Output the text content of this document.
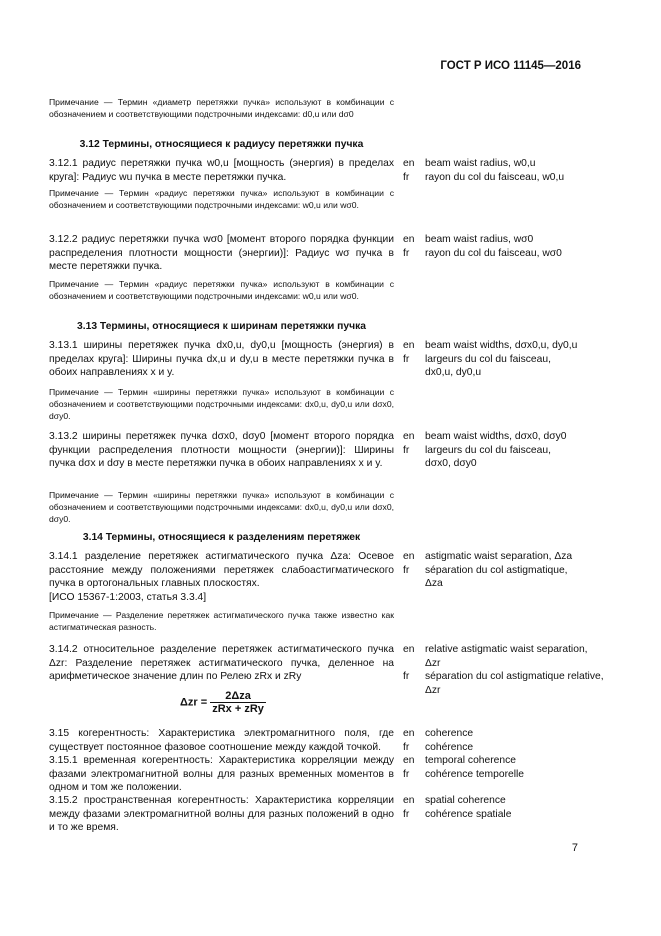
ГОСТ Р ИСО 11145—2016
Примечание — Термин «диаметр перетяжки пучка» используют в комбинации с обозначением и соответствующими подстрочными индексами: d0,u или dσ0
3.12 Термины, относящиеся к радиусу перетяжки пучка
3.12.1 радиус перетяжки пучка w0,u [мощность (энергия) в пределах круга]: Радиус wu пучка в месте перетяжки пучка.
en
fr
beam waist radius, w0,u
rayon du col du faisceau, w0,u
Примечание — Термин «радиус перетяжки пучка» используют в комбинации с обозначением и соответствующими подстрочными индексами: w0,u или wσ0.
3.12.2 радиус перетяжки пучка wσ0 [момент второго порядка функции распределения плотности мощности (энергии)]: Радиус wσ пучка в месте перетяжки пучка.
en
fr
beam waist radius, wσ0
rayon du col du faisceau, wσ0
Примечание — Термин «радиус перетяжки пучка» используют в комбинации с обозначением и соответствующими подстрочными индексами: w0,u или wσ0.
3.13 Термины, относящиеся к ширинам перетяжки пучка
3.13.1 ширины перетяжек пучка dx0,u, dy0,u [мощность (энергия) в пределах круга]: Ширины пучка dx,u и dy,u в месте перетяжки пучка в обоих направлениях x и y.
en
fr
beam waist widths, dσx0,u, dy0,u
largeurs du col du faisceau,
dx0,u, dy0,u
Примечание — Термин «ширины перетяжки пучка» используют в комбинации с обозначением и соответствующими подстрочными индексами: dx0,u, dy0,u или dσx0, dσy0.
3.13.2 ширины перетяжек пучка dσx0, dσy0 [момент второго порядка функции распределения плотности мощности (энергии)]: Ширины пучка dσx и dσy в месте перетяжки пучка в обоих направлениях x и y.
en
fr
beam waist widths, dσx0, dσy0
largeurs du col du faisceau,
dσx0, dσy0
Примечание — Термин «ширины перетяжки пучка» используют в комбинации с обозначением и соответствующими подстрочными индексами: dx0,u, dy0,u или dσx0, dσy0.
3.14 Термины, относящиеся к разделениям перетяжек
3.14.1 разделение перетяжек астигматического пучка Δza: Осевое расстояние между положениями перетяжек слабоастигматического пучка в ортогональных главных плоскостях.
[ИСО 15367-1:2003, статья 3.3.4]
en
fr
astigmatic waist separation, Δza
séparation du col astigmatique,
Δza
Примечание — Разделение перетяжек астигматического пучка также известно как астигматическая разность.
3.14.2 относительное разделение перетяжек астигматического пучка Δzr: Разделение перетяжек астигматического пучка, деленное на арифметическое значение длин по Релею zRx и zRy
en
fr
relative astigmatic waist separation, Δzr
séparation du col astigmatique relative, Δzr
$\Delta zr = \frac{\text{2Δza}}{\text{zRx + zRy}}$
3.15 когерентность: Характеристика электромагнитного поля, где существует постоянное фазовое соотношение между каждой точкой.
en
fr
coherence
cohérence
3.15.1 временная когерентность: Характеристика корреляции между фазами электромагнитной волны для разных временных моментов в одном и том же положении.
en
fr
temporal coherence
cohérence temporelle
3.15.2 пространственная когерентность: Характеристика корреляции между фазами электромагнитной волны для разных положений в одно и то же время.
en
fr
spatial coherence
cohérence spatiale
7
